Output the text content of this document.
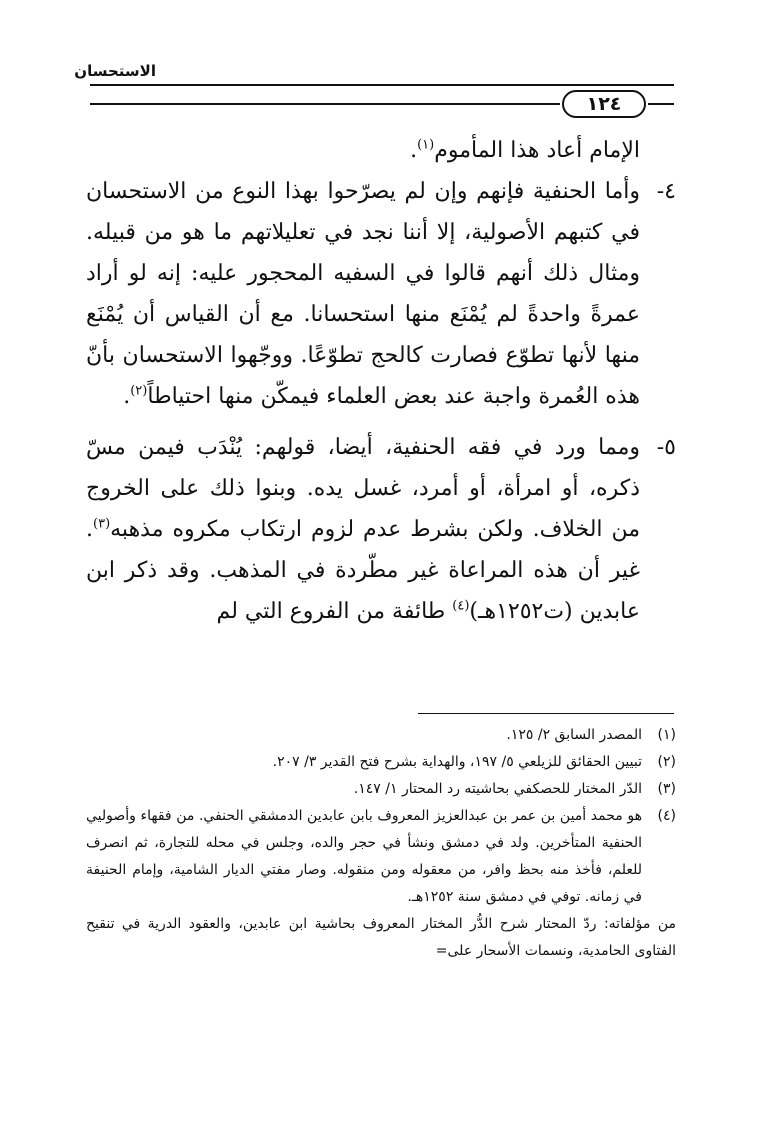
الاستحسان
١٢٤

الإمام أعاد هذا المأموم$^{(١)}$.

٤-
وأما الحنفية فإنهم وإن لم يصرّحوا بهذا النوع من الاستحسان في كتبهم الأصولية، إلا أننا نجد في تعليلاتهم ما هو من قبيله. ومثال ذلك أنهم قالوا في السفيه المحجور عليه: إنه لو أراد عمرةً واحدةً لم يُمْنَع منها استحسانا. مع أن القياس أن يُمْنَع منها لأنها تطوّع فصارت كالحج تطوّعًا. ووجّهوا الاستحسان بأنّ هذه العُمرة واجبة عند بعض العلماء فيمكّن منها احتياطاً$^{(٢)}$.

٥-
ومما ورد في فقه الحنفية، أيضا، قولهم: يُنْدَب فيمن مسّ ذكره، أو امرأة، أو أمرد، غسل يده. وبنوا ذلك على الخروج من الخلاف. ولكن بشرط عدم لزوم ارتكاب مكروه مذهبه$^{(٣)}$. غير أن هذه المراعاة غير مطّردة في المذهب. وقد ذكر ابن عابدين (ت١٢٥٢هـ)$^{(٤)}$ طائفة من الفروع التي لم

(١)
المصدر السابق ٢/ ١٢٥.

(٢)
تبيين الحقائق للزيلعي ٥/ ١٩٧، والهداية بشرح فتح القدير ٣/ ٢٠٧.

(٣)
الدّر المختار للحصكفي بحاشيته رد المحتار ١/ ١٤٧.

(٤)
هو محمد أمين بن عمر بن عبدالعزيز المعروف بابن عابدين الدمشقي الحنفي. من فقهاء وأصوليي الحنفية المتأخرين. ولد في دمشق ونشأ في حجر والده، وجلس في محله للتجارة، ثم انصرف للعلم، فأخذ منه بحظ وافر، من معقوله ومن منقوله. وصار مفتي الديار الشامية، وإمام الحنيفة في زمانه. توفي في دمشق سنة ١٢٥٢هـ.

من مؤلفاته: ردّ المحتار شرح الدُّر المختار المعروف بحاشية ابن عابدين، والعقود الدرية في تنقيح الفتاوى الحامدية، ونسمات الأسحار على=
